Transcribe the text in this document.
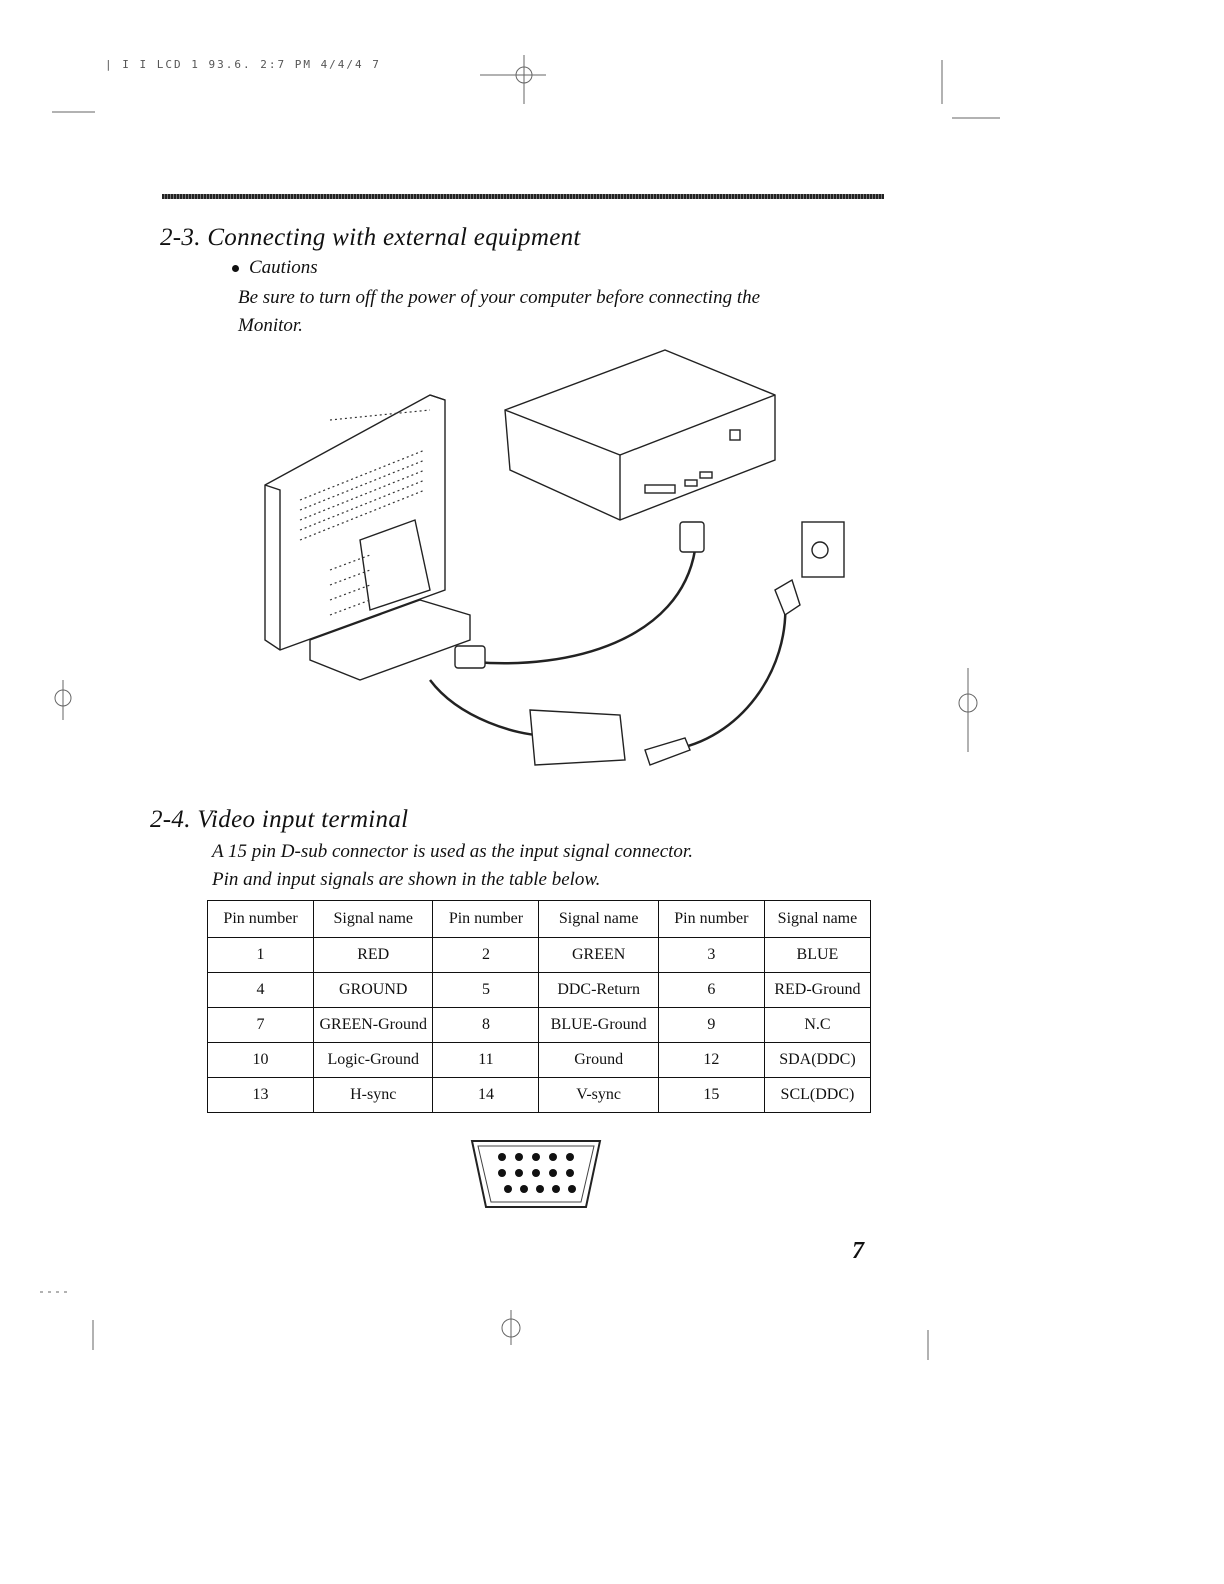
| I I LCD 1 93.6. 2:7 PM 4/4/4 7
2-3. Connecting with external equipment
Cautions
Be sure to turn off the power of your computer before connecting the
Monitor.
2-4. Video input terminal
A 15 pin D-sub connector is used as the input signal connector.
Pin and input signals are shown in the table below.
Pin number	Signal name	Pin number	Signal name	Pin number	Signal name
1	RED	2	GREEN	3	BLUE
4	GROUND	5	DDC-Return	6	RED-Ground
7	GREEN-Ground	8	BLUE-Ground	9	N.C
10	Logic-Ground	11	Ground	12	SDA(DDC)
13	H-sync	14	V-sync	15	SCL(DDC)
7
